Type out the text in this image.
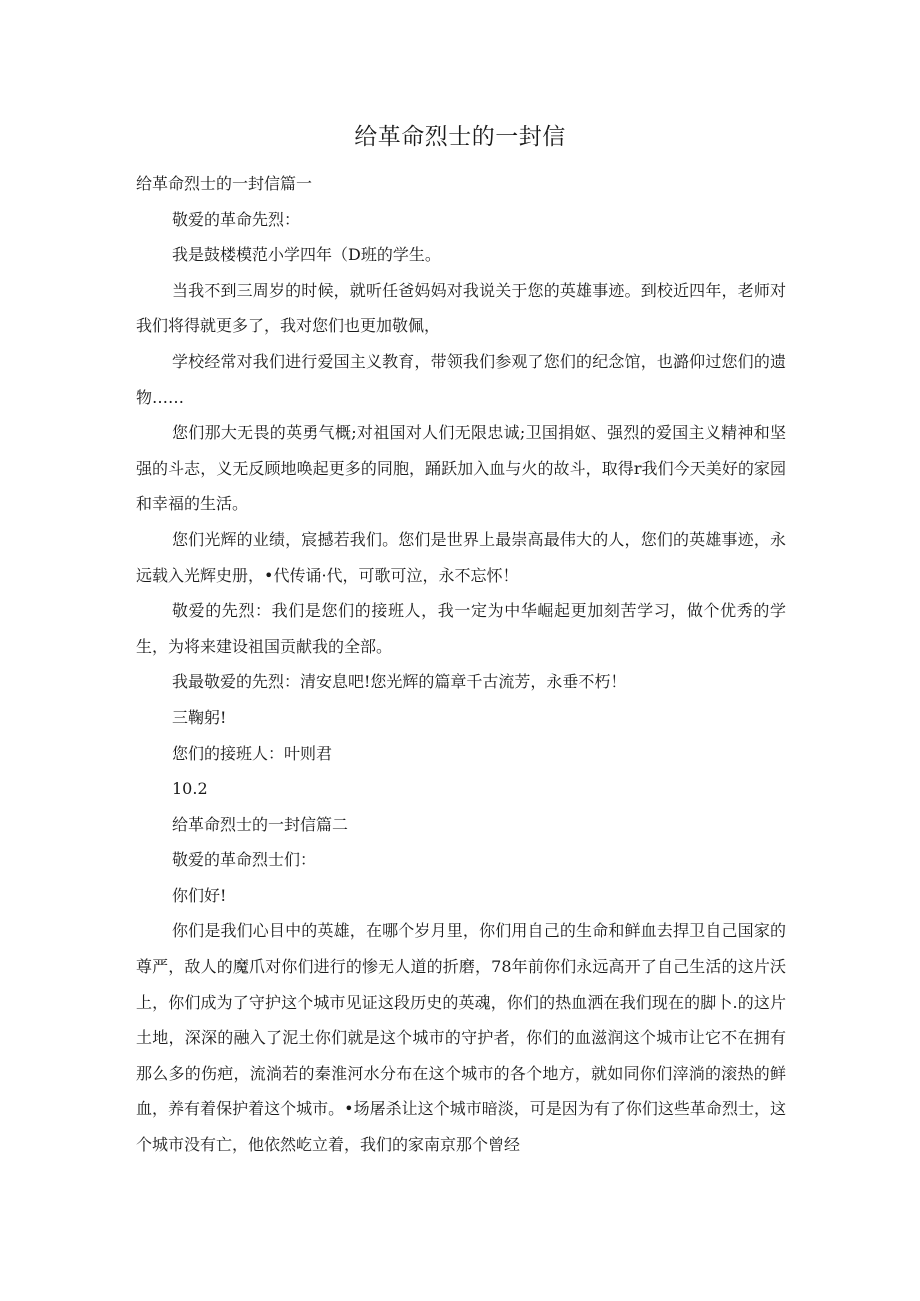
给革命烈士的一封信

给革命烈士的一封信篇一

敬爱的革命先烈：

我是鼓楼模范小学四年（D班的学生。

当我不到三周岁的时候，就听任爸妈妈对我说关于您的英雄事迹。到校近四年，老师对我们将得就更多了，我对您们也更加敬佩，

学校经常对我们进行爱国主义教育，带领我们参观了您们的纪念馆，也潞仰过您们的遗物……

您们那大无畏的英勇气概;对祖国对人们无限忠诚;卫国捐妪、强烈的爱国主义精神和坚强的斗志，义无反顾地唤起更多的同胞，踊跃加入血与火的故斗，取得r我们今天美好的家园和幸福的生活。

您们光辉的业绩，宸撼若我们。您们是世界上最崇高最伟大的人，您们的英雄事迹，永远载入光辉史册，•代传诵·代，可歌可泣，永不忘怀！

敬爱的先烈：我们是您们的接班人，我一定为中华崛起更加刻苦学习，做个优秀的学生，为将来建设祖国贡献我的全部。

我最敬爱的先烈：清安息吧!您光辉的篇章千古流芳，永垂不朽！

三鞠躬!

您们的接班人：叶则君

10.2

给革命烈士的一封信篇二

敬爱的革命烈士们：

你们好!

你们是我们心目中的英雄，在哪个岁月里，你们用自己的生命和鲜血去捍卫自己国家的尊严，敌人的魔爪对你们进行的惨无人道的折磨，78年前你们永远高开了自己生活的这片沃上，你们成为了守护这个城市见证这段历史的英魂，你们的热血洒在我们现在的脚卜.的这片土地，深深的融入了泥土你们就是这个城市的守护者，你们的血滋润这个城市让它不在拥有那么多的伤疤，流淌若的秦淮河水分布在这个城市的各个地方，就如同你们滓淌的滚热的鲜血，养有着保护着这个城市。•场屠杀让这个城市暗淡，可是因为有了你们这些革命烈士，这个城市没有亡，他依然屹立着，我们的家南京那个曾经
